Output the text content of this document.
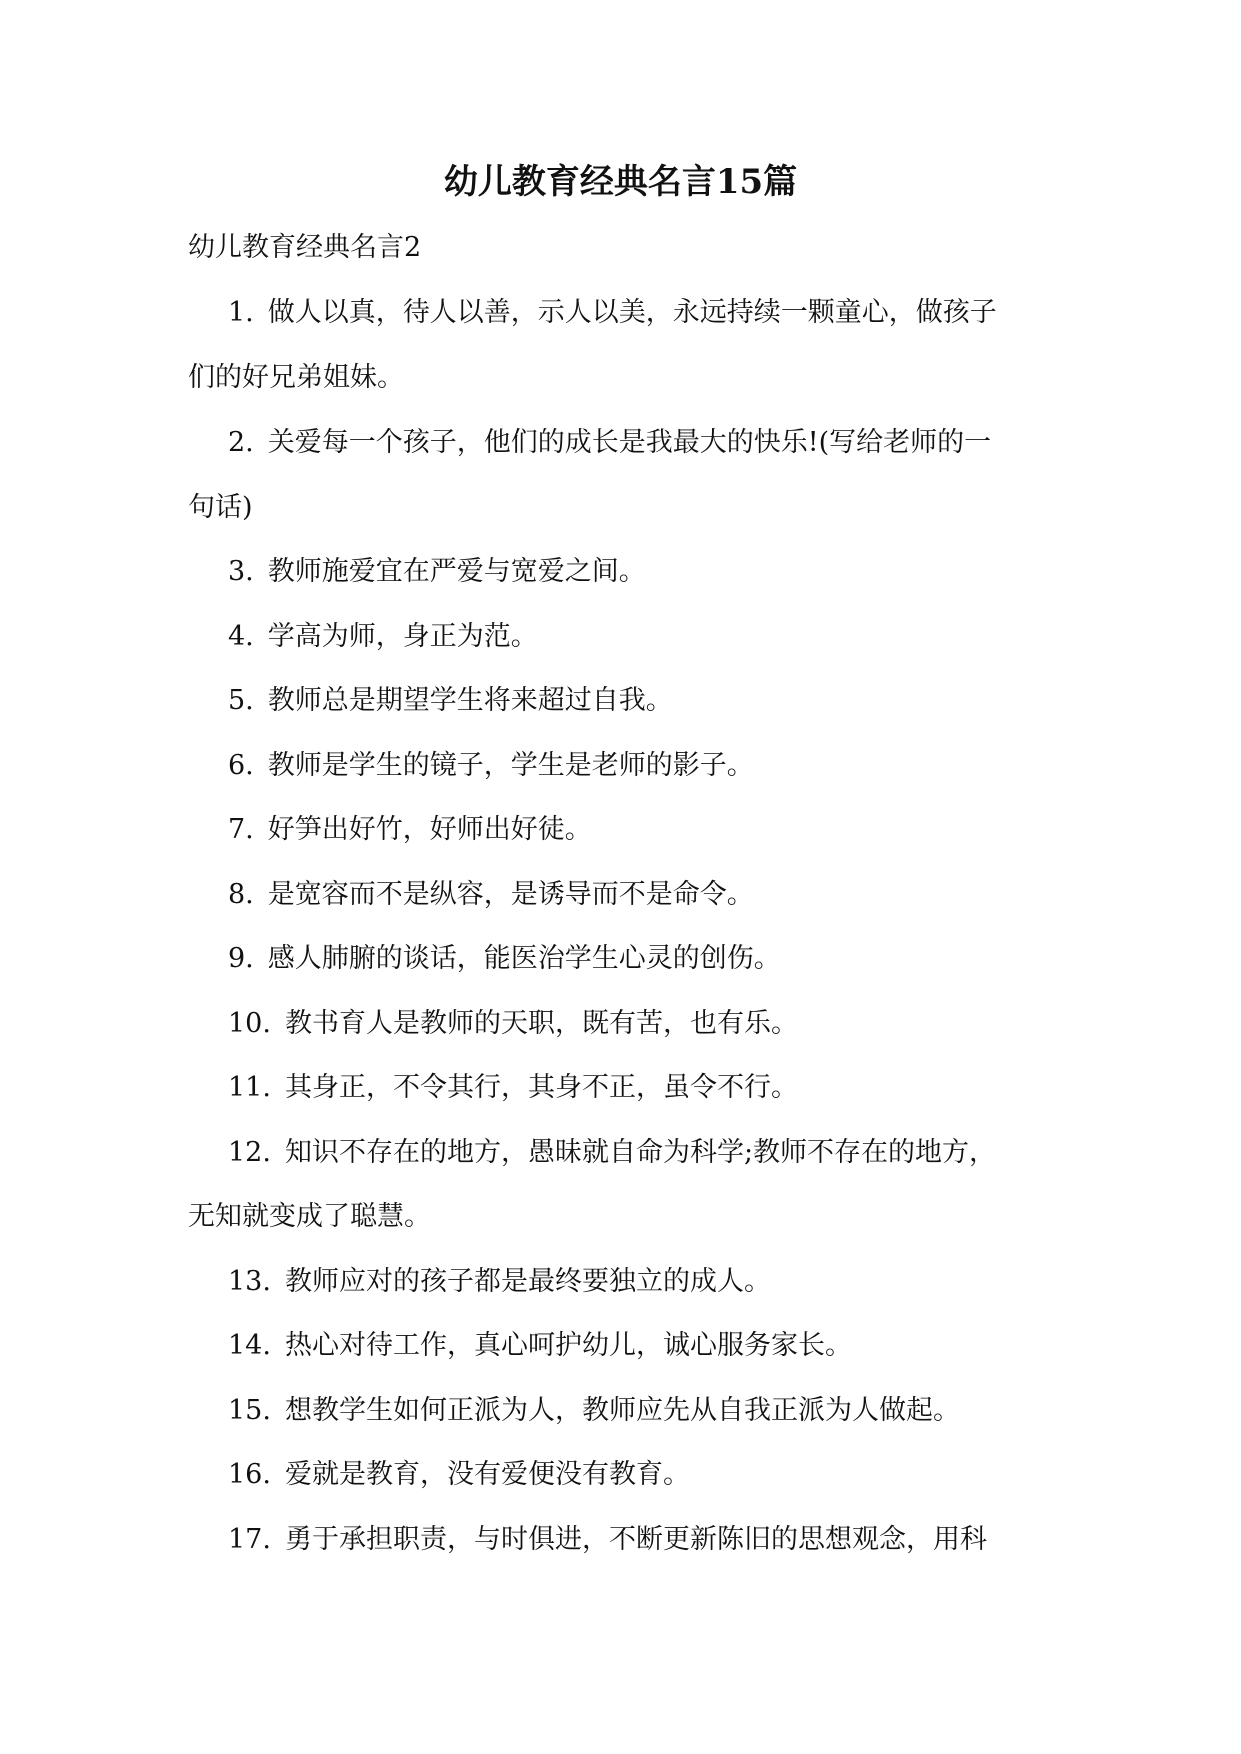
幼儿教育经典名言15篇
幼儿教育经典名言2
1. 做人以真，待人以善，示人以美，永远持续一颗童心，做孩子
们的好兄弟姐妹。
2. 关爱每一个孩子，他们的成长是我最大的快乐!(写给老师的一
句话)
3. 教师施爱宜在严爱与宽爱之间。
4. 学高为师，身正为范。
5. 教师总是期望学生将来超过自我。
6. 教师是学生的镜子，学生是老师的影子。
7. 好笋出好竹，好师出好徒。
8. 是宽容而不是纵容，是诱导而不是命令。
9. 感人肺腑的谈话，能医治学生心灵的创伤。
10. 教书育人是教师的天职，既有苦，也有乐。
11. 其身正，不令其行，其身不正，虽令不行。
12. 知识不存在的地方，愚昧就自命为科学;教师不存在的地方，
无知就变成了聪慧。
13. 教师应对的孩子都是最终要独立的成人。
14. 热心对待工作，真心呵护幼儿，诚心服务家长。
15. 想教学生如何正派为人，教师应先从自我正派为人做起。
16. 爱就是教育，没有爱便没有教育。
17. 勇于承担职责，与时俱进，不断更新陈旧的思想观念，用科
